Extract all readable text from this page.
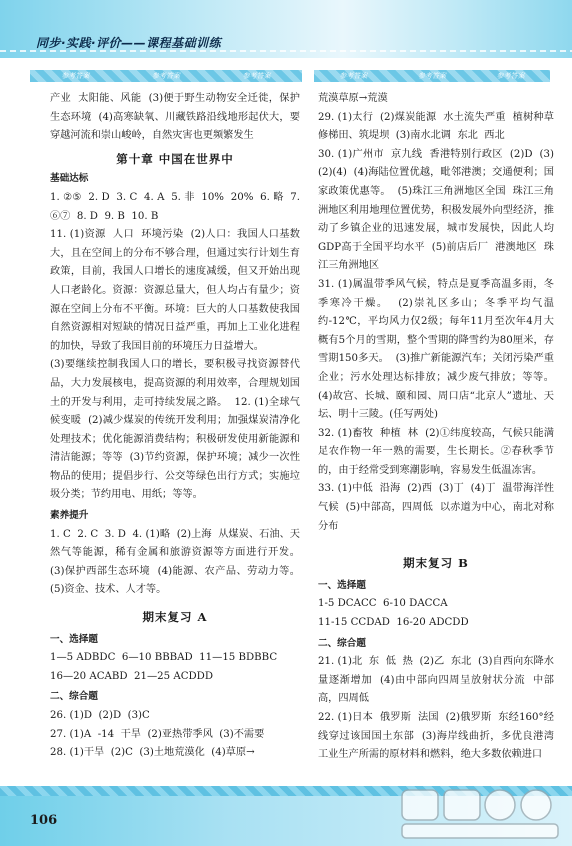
同步·实践·评价——课程基础训练
参考答案	参考答案	参考答案	参考答案	参考答案	参考答案

产业  太阳能、风能  (3)便于野生动物安全迁徙，保护生态环境  (4)高寒缺氧、川藏铁路沿线地形起伏大，要穿越河流和崇山峻岭，自然灾害也更频繁发生

第十章 中国在世界中
基础达标

1. ②⑤  2. D  3. C  4. A  5. 非  10%  20%  6. 略  7. ⑥⑦  8. D  9. B  10. B

11. (1)资源  人口  环境污染  (2)人口：我国人口基数大，且在空间上的分布不够合理，但通过实行计划生育政策，目前，我国人口增长的速度减缓，但又开始出现人口老龄化。资源：资源总量大，但人均占有量少；资源在空间上分布不平衡。环境：巨大的人口基数使我国自然资源相对短缺的情况日益严重，再加上工业化进程的加快，导致了我国目前的环境压力日益增大。

(3)要继续控制我国人口的增长，要积极寻找资源替代品，大力发展核电，提高资源的利用效率，合理规划国土的开发与利用，走可持续发展之路。  12. (1)全球气候变暖  (2)减少煤炭的传统开发利用；加强煤炭清净化处理技术；优化能源消费结构；积极研发使用新能源和清洁能源；等等  (3)节约资源，保护环境；减少一次性物品的使用；提倡步行、公交等绿色出行方式；实施垃圾分类；节约用电、用纸；等等。

素养提升

1. C  2. C  3. D  4. (1)略  (2)上海  从煤炭、石油、天然气等能源，稀有金属和旅游资源等方面进行开发。  (3)保护西部生态环境  (4)能源、农产品、劳动力等。  (5)资金、技术、人才等。

期末复习 A
一、选择题

1—5 ADBDC  6—10 BBBAD  11—15 BDBBC

16—20 ACABD  21—25 ACDDD

二、综合题

26. (1)D  (2)D  (3)C

27. (1)A  -14  干旱  (2)亚热带季风  (3)不需要

28. (1)干旱  (2)C  (3)土地荒漠化  (4)草原→

荒漠草原→荒漠

29. (1)太行  (2)煤炭能源  水土流失严重  植树种草  修梯田、筑堤坝  (3)南水北调  东北  西北

30. (1)广州市  京九线  香港特别行政区  (2)D  (3)(2)(4)  (4)海陆位置优越，毗邻港澳；交通便利；国家政策优惠等。  (5)珠江三角洲地区全国  珠江三角洲地区利用地理位置优势，积极发展外向型经济，推动了乡镇企业的迅速发展，城市发展快，因此人均GDP高于全国平均水平  (5)前店后厂  港澳地区  珠江三角洲地区

31. (1)属温带季风气候，特点是夏季高温多雨，冬季寒冷干燥。  (2)崇礼区多山；冬季平均气温约-12℃，平均风力仅2级；每年11月至次年4月大概有5个月的雪期，整个雪期的降雪约为80厘米，存雪期150多天。  (3)推广新能源汽车；关闭污染严重企业；污水处理达标排放；减少废气排放；等等。  (4)故宫、长城、颐和园、周口店“北京人”遗址、天坛、明十三陵。(任写两处)

32. (1)畜牧  种植  林  (2)①纬度较高，气候只能满足农作物一年一熟的需要，生长期长。②春秋季节的，由于经常受到寒潮影响，容易发生低温冻害。

33. (1)中低  沿海  (2)西  (3)丁  (4)丁  温带海洋性气候  (5)中部高，四周低  以赤道为中心，南北对称分布

期末复习 B
一、选择题

1-5 DCACC  6-10 DACCA

11-15 CCDAD  16-20 ADCDD

二、综合题

21. (1)北  东  低  热  (2)乙  东北  (3)自西向东降水量逐渐增加  (4)由中部向四周呈放射状分流  中部高，四周低

22. (1)日本  俄罗斯  法国  (2)俄罗斯  东经160°经线穿过该国国土东部  (3)海岸线曲折，多优良港湾  工业生产所需的原材料和燃料，绝大多数依赖进口

106
